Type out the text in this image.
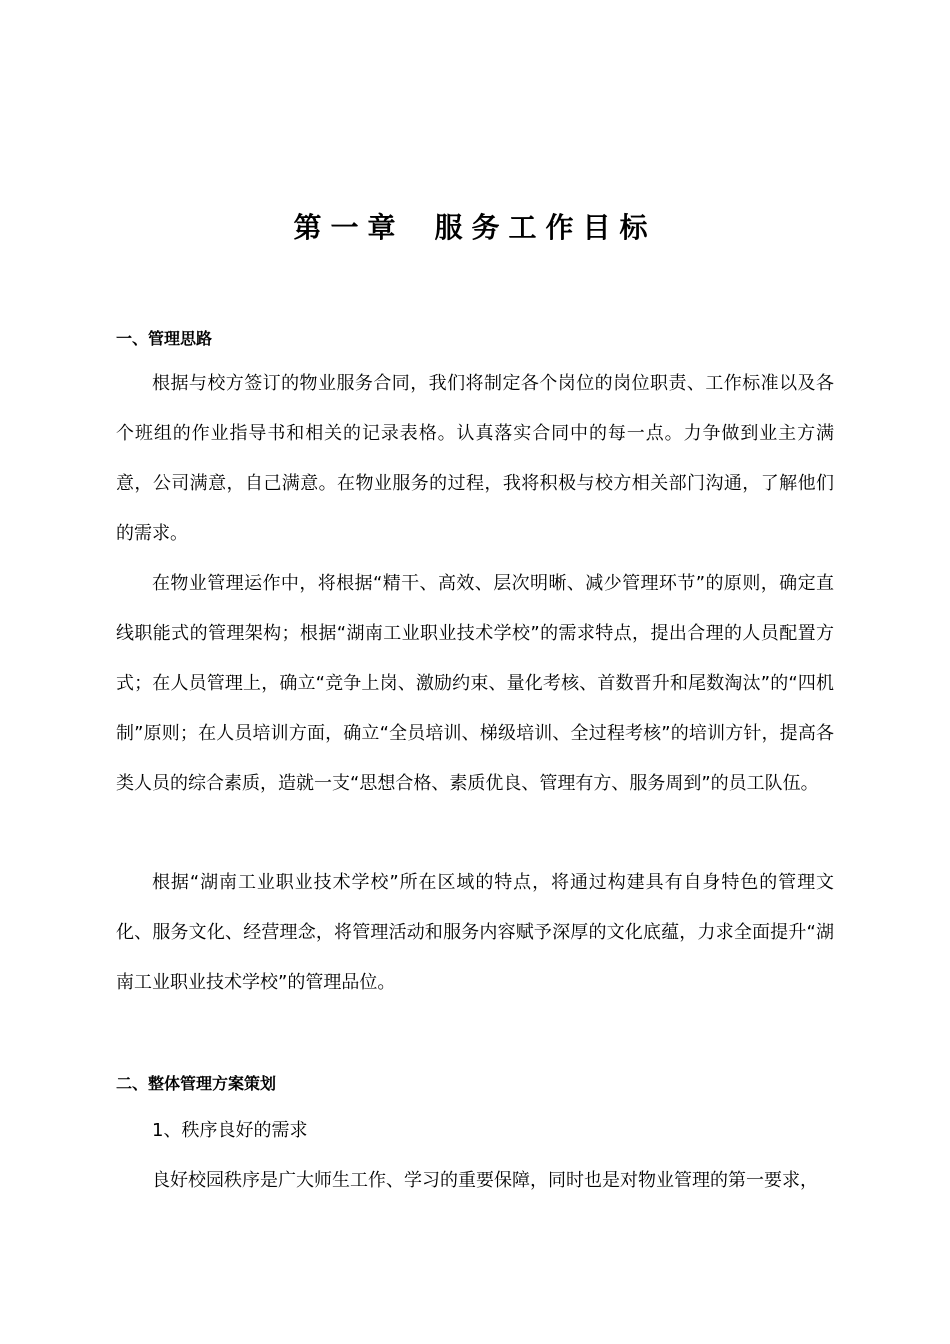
第一章 服务工作目标
一、管理思路

根据与校方签订的物业服务合同，我们将制定各个岗位的岗位职责、工作标准以及各个班组的作业指导书和相关的记录表格。认真落实合同中的每一点。力争做到业主方满意，公司满意，自己满意。在物业服务的过程，我将积极与校方相关部门沟通，了解他们的需求。

在物业管理运作中，将根据“精干、高效、层次明晰、减少管理环节”的原则，确定直线职能式的管理架构；根据“湖南工业职业技术学校”的需求特点，提出合理的人员配置方式；在人员管理上，确立“竞争上岗、激励约束、量化考核、首数晋升和尾数淘汰”的“四机制”原则；在人员培训方面，确立“全员培训、梯级培训、全过程考核”的培训方针，提高各类人员的综合素质，造就一支“思想合格、素质优良、管理有方、服务周到”的员工队伍。

根据“湖南工业职业技术学校”所在区域的特点，将通过构建具有自身特色的管理文化、服务文化、经营理念，将管理活动和服务内容赋予深厚的文化底蕴，力求全面提升“湖南工业职业技术学校”的管理品位。

二、整体管理方案策划

1、秩序良好的需求

良好校园秩序是广大师生工作、学习的重要保障，同时也是对物业管理的第一要求，
